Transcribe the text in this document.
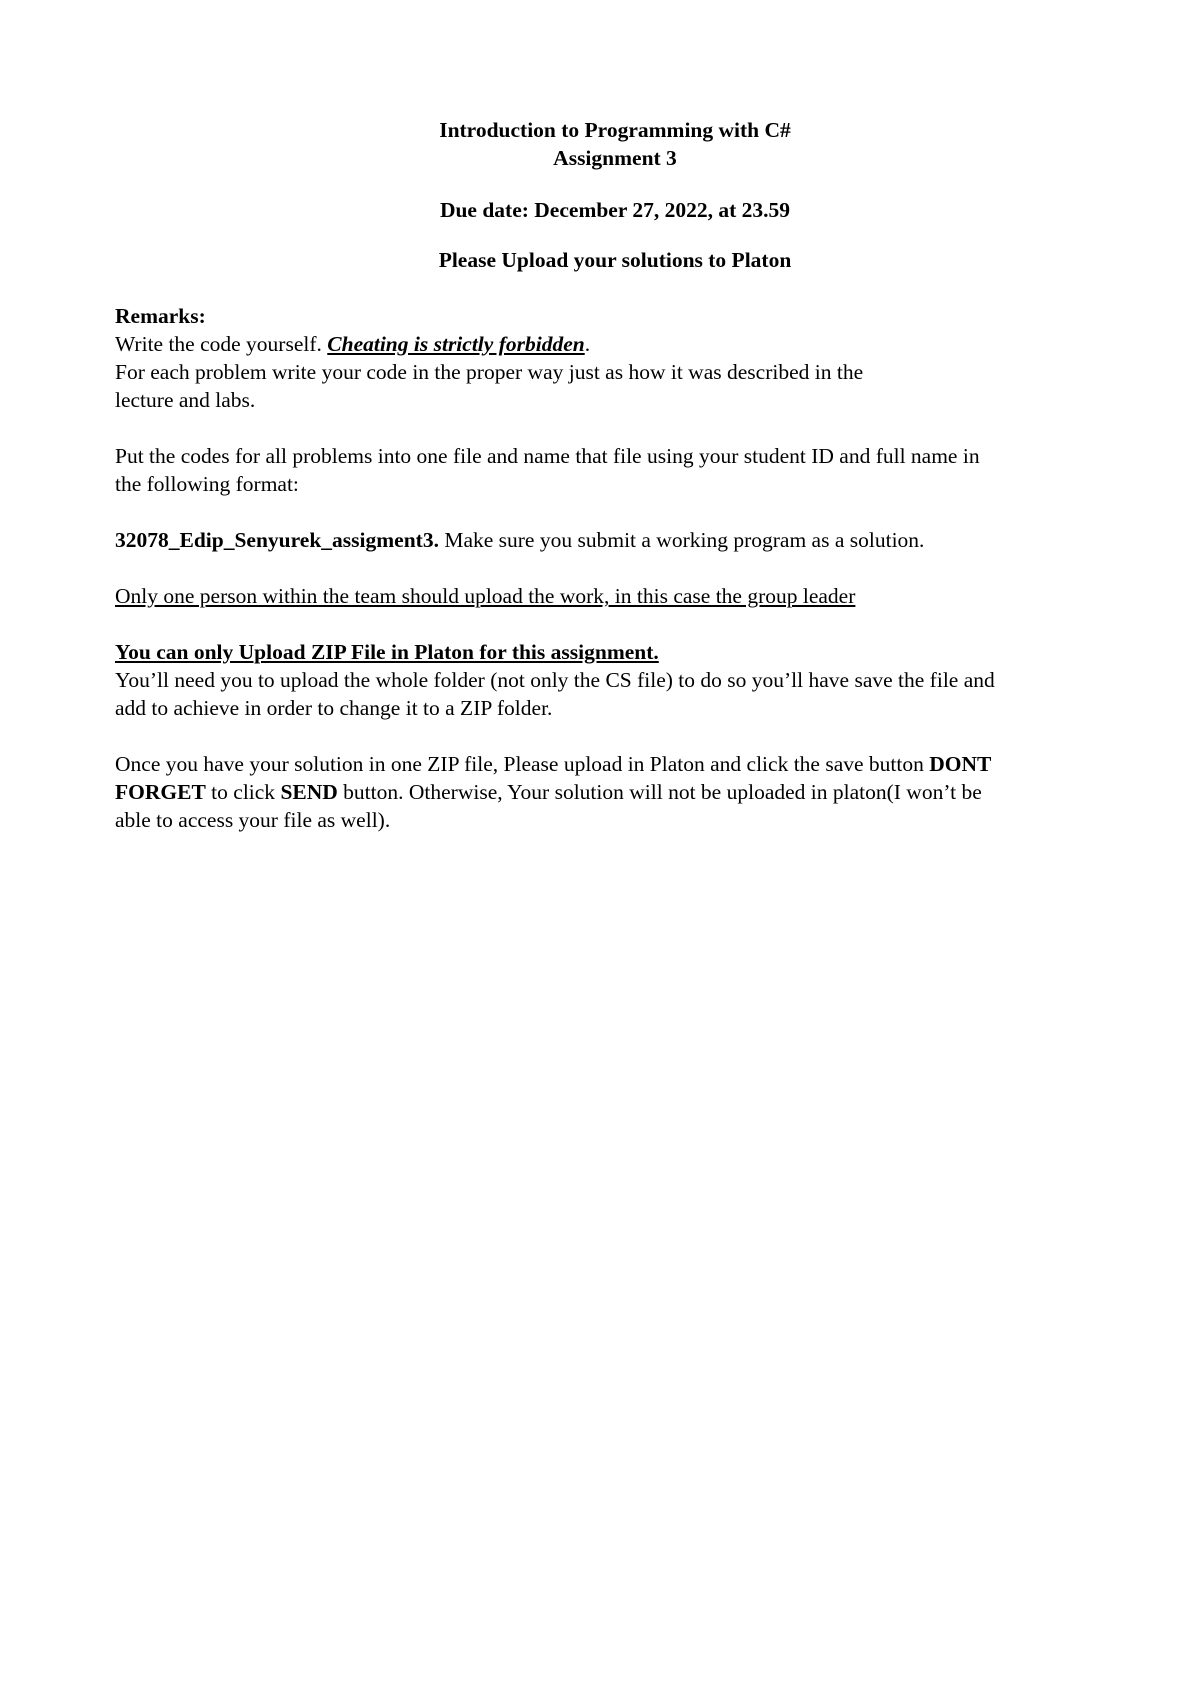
Introduction to Programming with C#

Assignment 3

Due date: December 27, 2022, at 23.59

Please Upload your solutions to Platon

Remarks:

Write the code yourself. Cheating is strictly forbidden.

For each problem write your code in the proper way just as how it was described in the

lecture and labs.

Put the codes for all problems into one file and name that file using your student ID and full name in

the following format:

32078_Edip_Senyurek_assigment3. Make sure you submit a working program as a solution.

Only one person within the team should upload the work, in this case the group leader

You can only Upload ZIP File in Platon for this assignment.

You’ll need you to upload the whole folder (not only the CS file) to do so you’ll have save the file and

add to achieve in order to change it to a ZIP folder.

Once you have your solution in one ZIP file, Please upload in Platon and click the save button DONT

FORGET to click SEND button. Otherwise, Your solution will not be uploaded in platon(I won’t be

able to access your file as well).
